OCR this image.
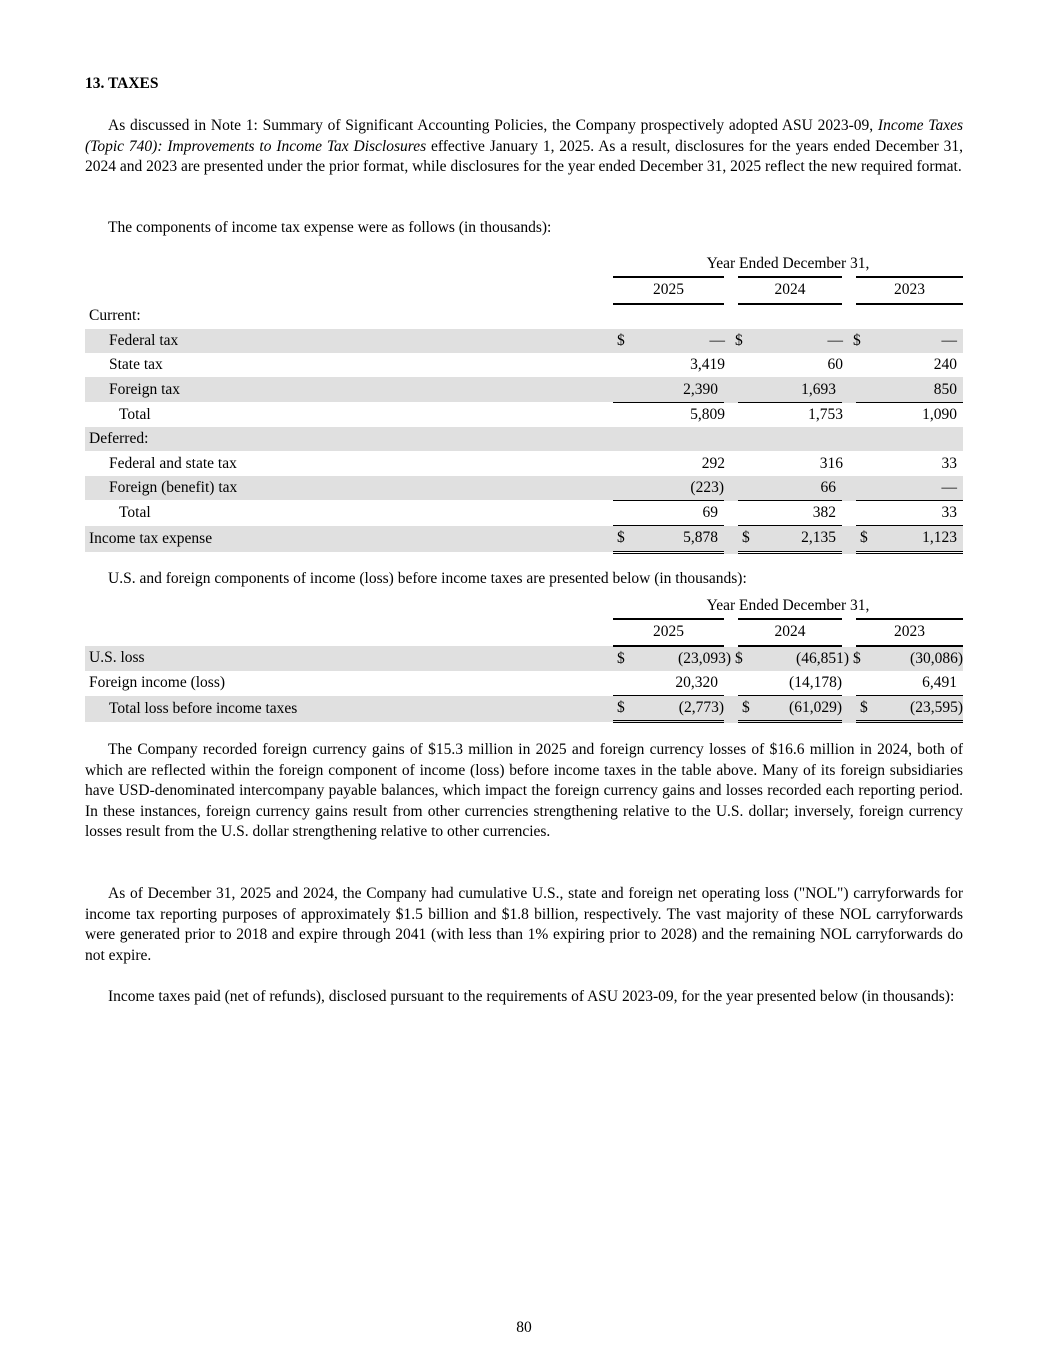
13. TAXES

As discussed in Note 1: Summary of Significant Accounting Policies, the Company prospectively adopted ASU 2023-09, Income Taxes (Topic 740): Improvements to Income Tax Disclosures effective January 1, 2025. As a result, disclosures for the years ended December 31, 2024 and 2023 are presented under the prior format, while disclosures for the year ended December 31, 2025 reflect the new required format.

The components of income tax expense were as follows (in thousands):

	Year Ended December 31,					
	2025		2024		2023	
Current:						
Federal tax	$	—	$	—	$	—
State tax		3,419		60		240
Foreign tax		2,390		1,693		850
Total		5,809		1,753		1,090
Deferred:						
Federal and state tax		292		316		33
Foreign (benefit) tax		(223)		66		—
Total		69		382		33
Income tax expense	$	5,878	$	2,135	$	1,123

U.S. and foreign components of income (loss) before income taxes are presented below (in thousands):

	Year Ended December 31,					
	2025		2024		2023	
U.S. loss	$	(23,093)	$	(46,851)	$	(30,086)
Foreign income (loss)		20,320		(14,178)		6,491
Total loss before income taxes	$	(2,773)	$	(61,029)	$	(23,595)

The Company recorded foreign currency gains of $15.3 million in 2025 and foreign currency losses of $16.6 million in 2024, both of which are reflected within the foreign component of income (loss) before income taxes in the table above. Many of its foreign subsidiaries have USD-denominated intercompany payable balances, which impact the foreign currency gains and losses recorded each reporting period. In these instances, foreign currency gains result from other currencies strengthening relative to the U.S. dollar; inversely, foreign currency losses result from the U.S. dollar strengthening relative to other currencies.

As of December 31, 2025 and 2024, the Company had cumulative U.S., state and foreign net operating loss ("NOL") carryforwards for income tax reporting purposes of approximately $1.5 billion and $1.8 billion, respectively. The vast majority of these NOL carryforwards were generated prior to 2018 and expire through 2041 (with less than 1% expiring prior to 2028) and the remaining NOL carryforwards do not expire.

Income taxes paid (net of refunds), disclosed pursuant to the requirements of ASU 2023-09, for the year presented below (in thousands):

80
